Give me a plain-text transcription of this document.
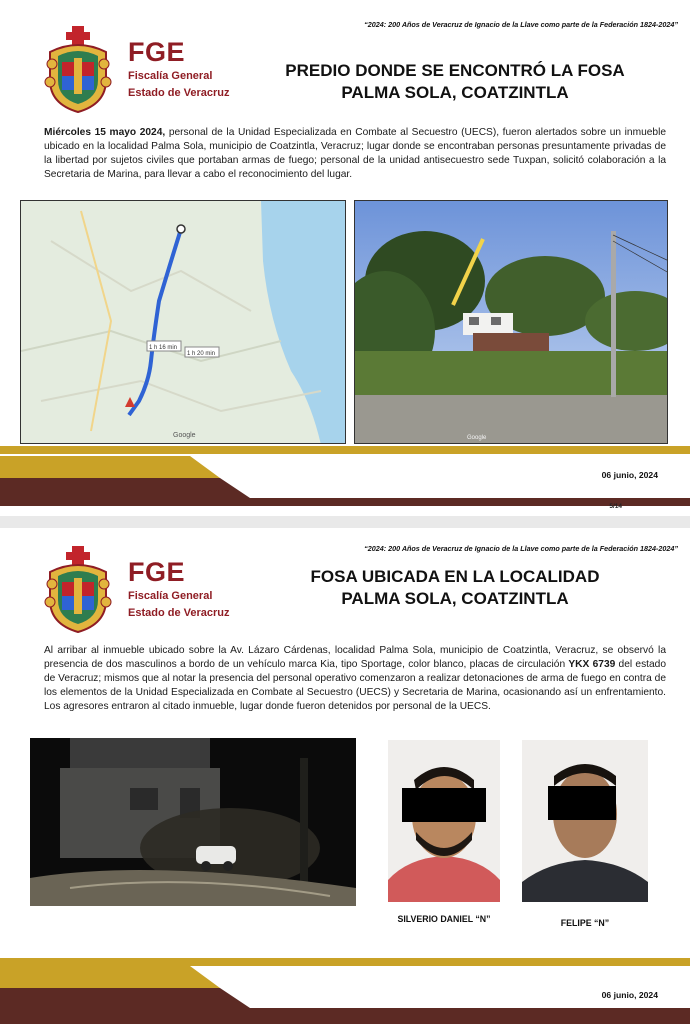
“2024: 200 Años de Veracruz de Ignacio de la Llave como parte de la Federación 1824-2024”
FGE
Fiscalía General
Estado de Veracruz
PREDIO DONDE SE ENCONTRÓ LA FOSA
PALMA SOLA, COATZINTLA

Miércoles 15 mayo 2024, personal de la Unidad Especializada en Combate al Secuestro (UECS), fueron alertados sobre un inmueble ubicado en la localidad Palma Sola, municipio de Coatzintla, Veracruz; lugar donde se encontraban personas presuntamente privadas de la libertad por sujetos civiles que portaban armas de fuego; personal de la unidad antisecuestro sede Tuxpan, solicitó colaboración a la Secretaria de Marina, para llevar a cabo el reconocimiento del lugar.

1 h 16 min
1 h 20 min
Google	Google
06 junio, 2024
5/14
“2024: 200 Años de Veracruz de Ignacio de la Llave como parte de la Federación 1824-2024”
FGE
Fiscalía General
Estado de Veracruz
FOSA UBICADA EN LA LOCALIDAD
PALMA SOLA, COATZINTLA

Al arribar al inmueble ubicado sobre la Av. Lázaro Cárdenas, localidad Palma Sola, municipio de Coatzintla, Veracruz, se observó la presencia de dos masculinos a bordo de un vehículo marca Kia, tipo Sportage, color blanco, placas de circulación YKX 6739 del estado de Veracruz; mismos que al notar la presencia del personal operativo comenzaron a realizar detonaciones de arma de fuego en contra de los elementos de la Unidad Especializada en Combate al Secuestro (UECS) y Secretaria de Marina, ocasionando así un enfrentamiento. Los agresores entraron al citado inmueble, lugar donde fueron detenidos por personal de la UECS.

SILVERIO DANIEL “N”	FELIPE “N”
06 junio, 2024
